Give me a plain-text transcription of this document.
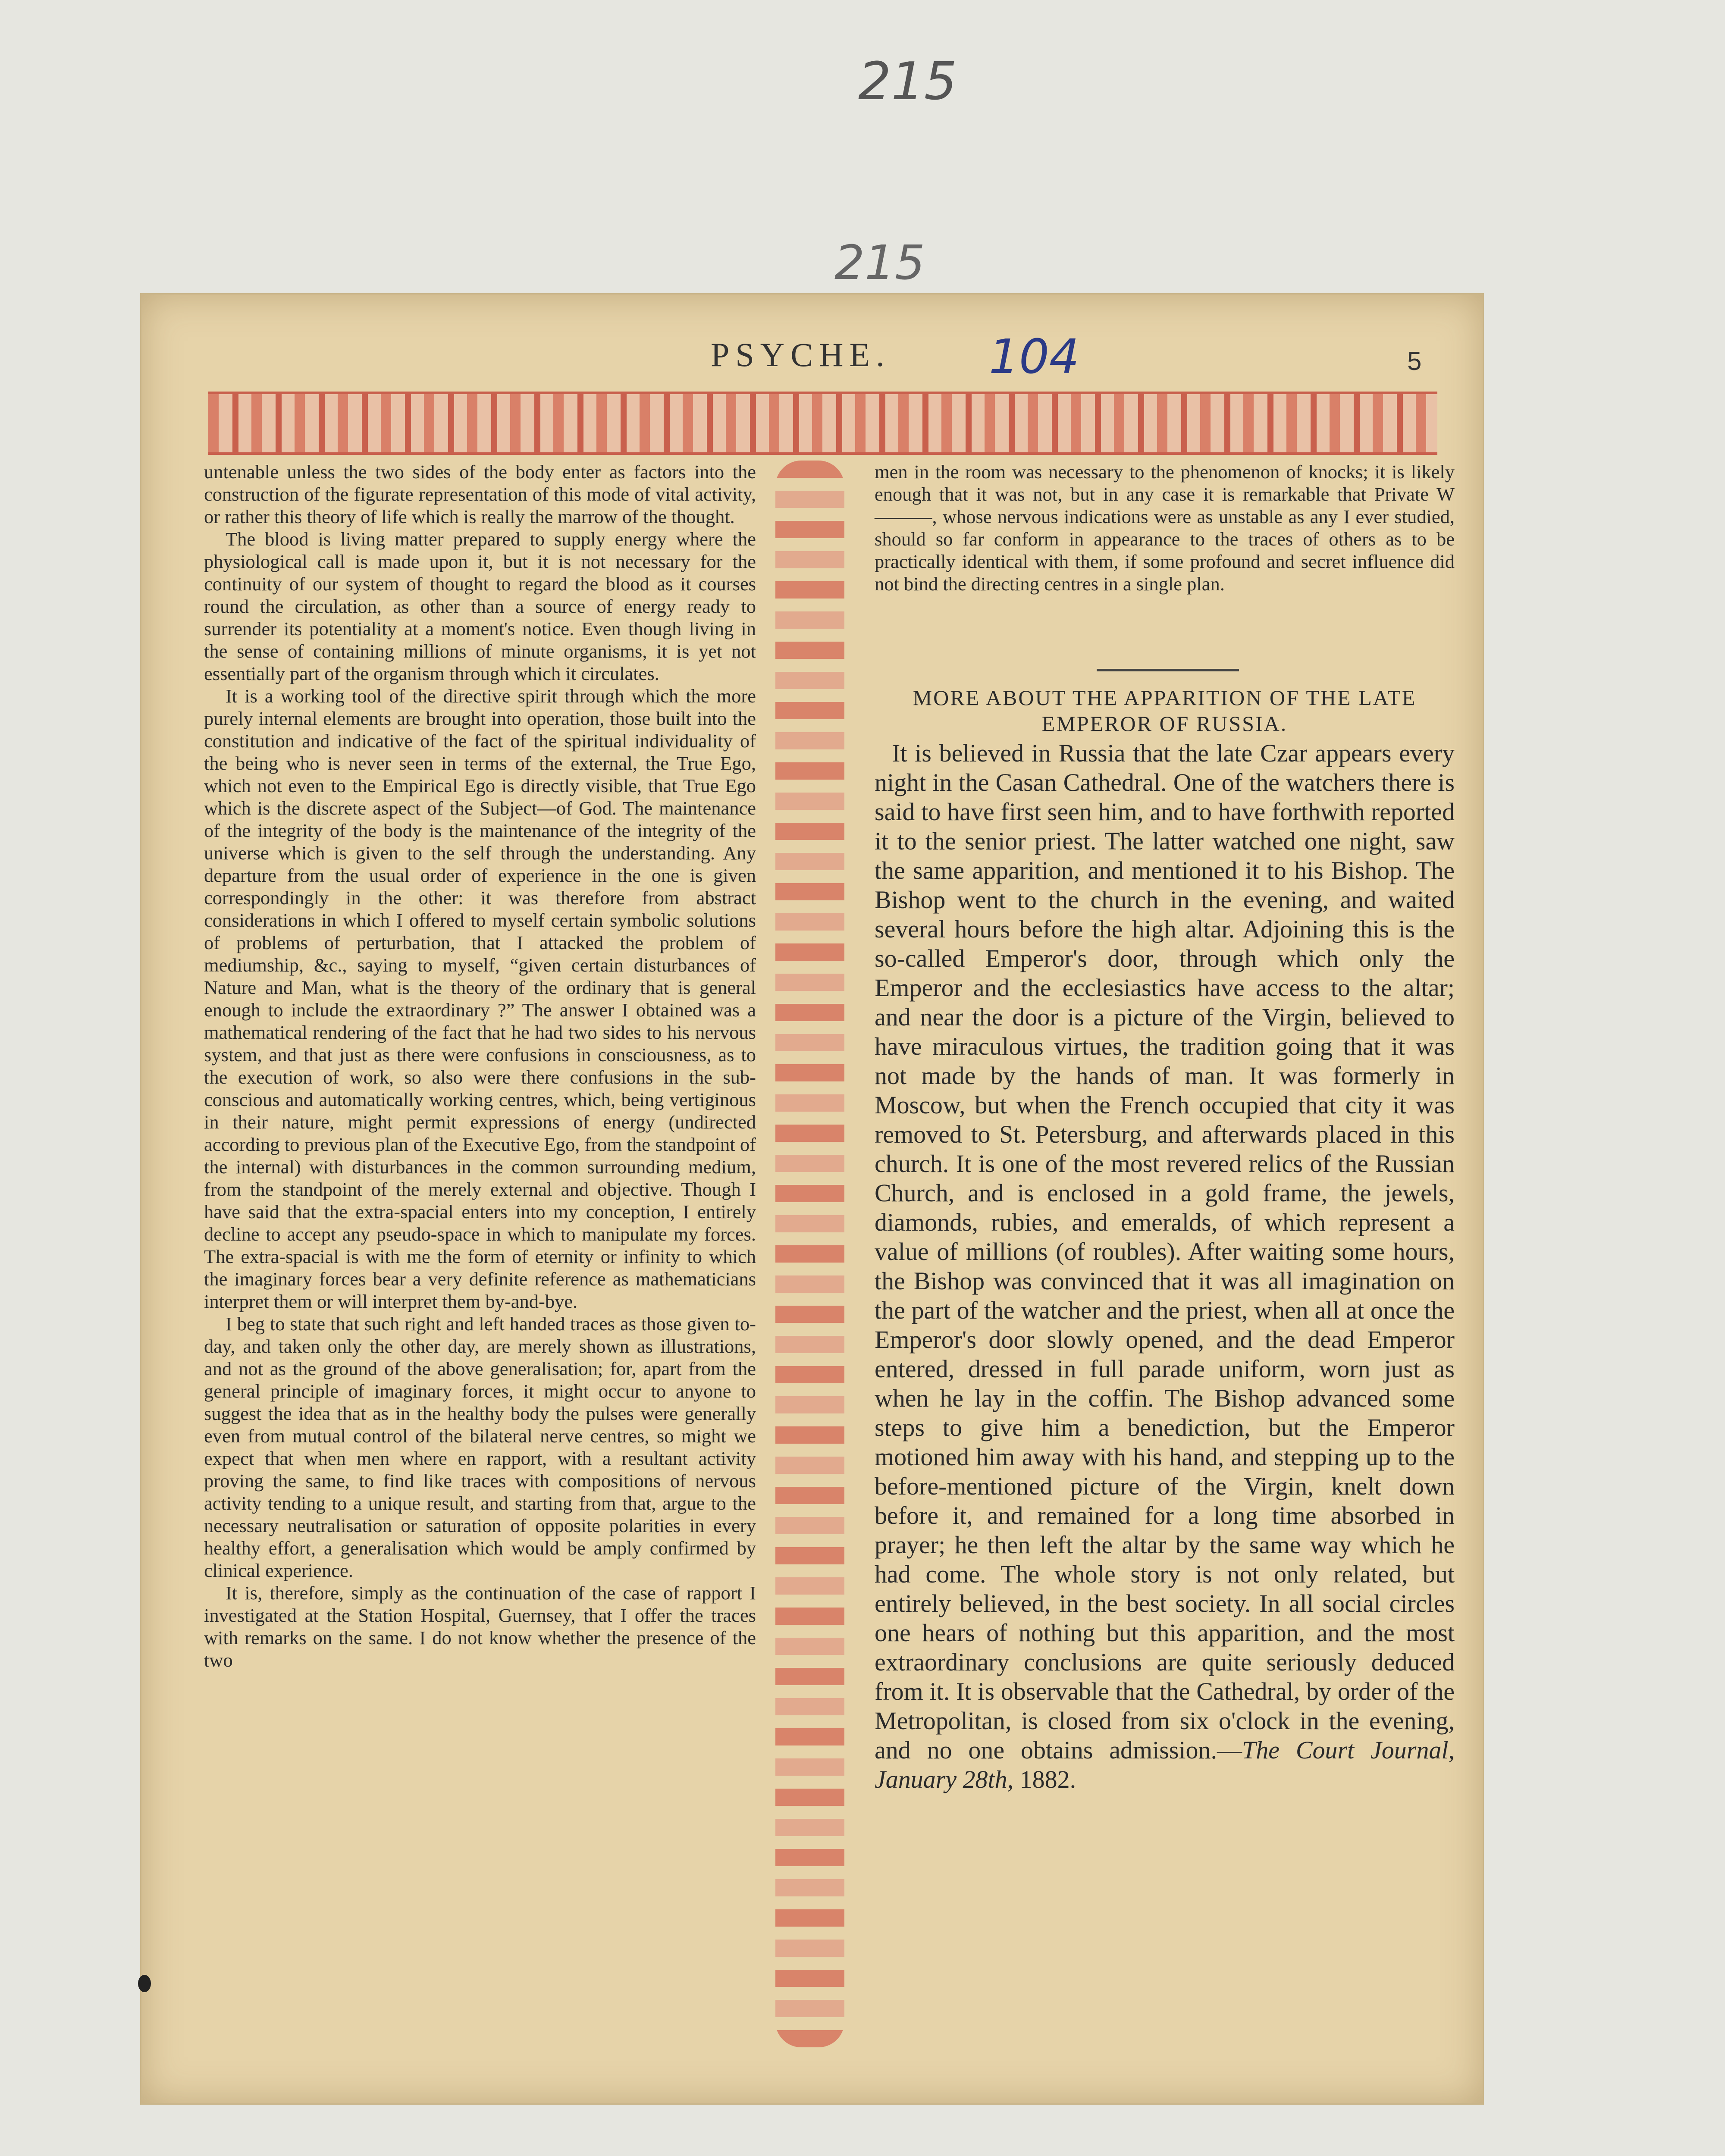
215
215
PSYCHE. 104	5

untenable unless the two sides of the body enter as factors into the construction of the figurate representation of this mode of vital activity, or rather this theory of life which is really the marrow of the thought.

The blood is living matter prepared to supply energy where the physiological call is made upon it, but it is not necessary for the continuity of our system of thought to regard the blood as it courses round the circulation, as other than a source of energy ready to surrender its potentiality at a moment's notice. Even though living in the sense of containing millions of minute organisms, it is yet not essentially part of the organism through which it circulates.

It is a working tool of the directive spirit through which the more purely internal elements are brought into operation, those built into the constitution and indicative of the fact of the spiritual individuality of the being who is never seen in terms of the external, the True Ego, which not even to the Empirical Ego is directly visible, that True Ego which is the discrete aspect of the Subject—of God. The maintenance of the integrity of the body is the maintenance of the integrity of the universe which is given to the self through the understanding. Any departure from the usual order of experience in the one is given correspondingly in the other: it was therefore from abstract considerations in which I offered to myself certain symbolic solutions of problems of perturbation, that I attacked the problem of mediumship, &c., saying to myself, “given certain disturbances of Nature and Man, what is the theory of the ordinary that is general enough to include the extraordinary ?” The answer I obtained was a mathematical rendering of the fact that he had two sides to his nervous system, and that just as there were confusions in consciousness, as to the execution of work, so also were there confusions in the sub-conscious and automatically working centres, which, being vertiginous in their nature, might permit expressions of energy (undirected according to previous plan of the Executive Ego, from the standpoint of the internal) with disturbances in the common surrounding medium, from the standpoint of the merely external and objective. Though I have said that the extra-spacial enters into my conception, I entirely decline to accept any pseudo-space in which to manipulate my forces. The extra-spacial is with me the form of eternity or infinity to which the imaginary forces bear a very definite reference as mathematicians interpret them or will interpret them by-and-bye.

I beg to state that such right and left handed traces as those given to-day, and taken only the other day, are merely shown as illustrations, and not as the ground of the above generalisation; for, apart from the general principle of imaginary forces, it might occur to anyone to suggest the idea that as in the healthy body the pulses were generally even from mutual control of the bilateral nerve centres, so might we expect that when men where en rapport, with a resultant activity proving the same, to find like traces with compositions of nervous activity tending to a unique result, and starting from that, argue to the necessary neutralisation or saturation of opposite polarities in every healthy effort, a generalisation which would be amply confirmed by clinical experience.

It is, therefore, simply as the continuation of the case of rapport I investigated at the Station Hospital, Guernsey, that I offer the traces with remarks on the same. I do not know whether the presence of the two

men in the room was necessary to the phenomenon of knocks; it is likely enough that it was not, but in any case it is remarkable that Private W———, whose nervous indications were as unstable as any I ever studied, should so far conform in appearance to the traces of others as to be practically identical with them, if some profound and secret influence did not bind the directing centres in a single plan.

MORE ABOUT THE APPARITION OF THE LATE EMPEROR OF RUSSIA.

It is believed in Russia that the late Czar appears every night in the Casan Cathedral. One of the watchers there is said to have first seen him, and to have forthwith reported it to the senior priest. The latter watched one night, saw the same apparition, and mentioned it to his Bishop. The Bishop went to the church in the evening, and waited several hours before the high altar. Adjoining this is the so-called Emperor's door, through which only the Emperor and the ecclesiastics have access to the altar; and near the door is a picture of the Virgin, believed to have miraculous virtues, the tradition going that it was not made by the hands of man. It was formerly in Moscow, but when the French occupied that city it was removed to St. Petersburg, and afterwards placed in this church. It is one of the most revered relics of the Russian Church, and is enclosed in a gold frame, the jewels, diamonds, rubies, and emeralds, of which represent a value of millions (of roubles). After waiting some hours, the Bishop was convinced that it was all imagination on the part of the watcher and the priest, when all at once the Emperor's door slowly opened, and the dead Emperor entered, dressed in full parade uniform, worn just as when he lay in the coffin. The Bishop advanced some steps to give him a benediction, but the Emperor motioned him away with his hand, and stepping up to the before-mentioned picture of the Virgin, knelt down before it, and remained for a long time absorbed in prayer; he then left the altar by the same way which he had come. The whole story is not only related, but entirely believed, in the best society. In all social circles one hears of nothing but this apparition, and the most extraordinary conclusions are quite seriously deduced from it. It is observable that the Cathedral, by order of the Metropolitan, is closed from six o'clock in the evening, and no one obtains admission.—The Court Journal, January 28th, 1882.
